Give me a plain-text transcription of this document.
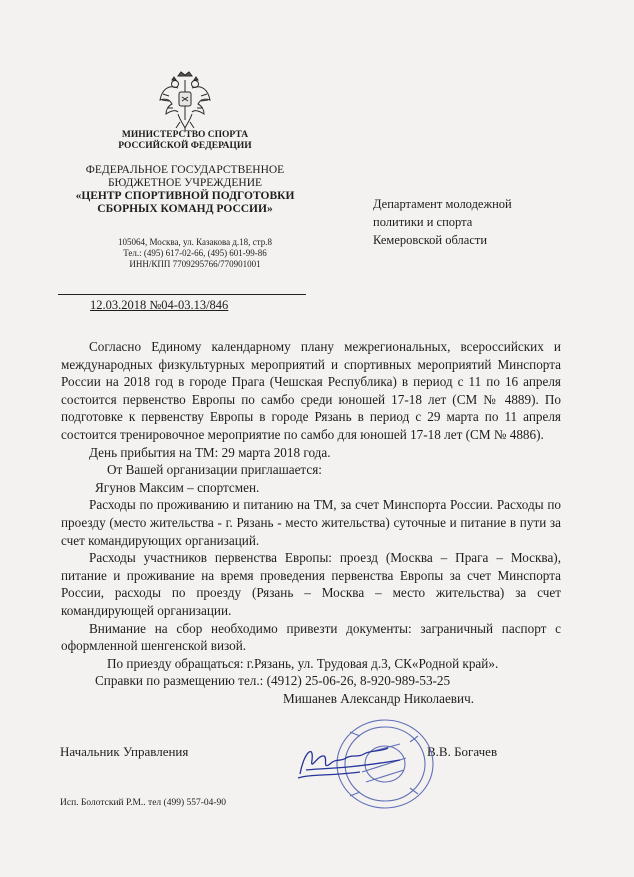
МИНИСТЕРСТВО СПОРТА
РОССИЙСКОЙ ФЕДЕРАЦИИ
ФЕДЕРАЛЬНОЕ ГОСУДАРСТВЕННОЕ
БЮДЖЕТНОЕ УЧРЕЖДЕНИЕ
«ЦЕНТР СПОРТИВНОЙ ПОДГОТОВКИ
СБОРНЫХ КОМАНД РОССИИ»
105064, Москва, ул. Казакова д.18, стр.8
Тел.: (495) 617-02-66, (495) 601-99-86
ИНН/КПП 7709295766/770901001
Департамент молодежной
политики и спорта
Кемеровской области
12.03.2018 №04-03.13/846

Согласно Единому календарному плану межрегиональных, всероссийских и международных физкультурных мероприятий и спортивных мероприятий Минспорта России на 2018 год в городе Прага (Чешская Республика) в период с 11 по 16 апреля состоится первенство Европы по самбо среди юношей 17-18 лет (СМ № 4889). По подготовке к первенству Европы в городе Рязань в период с 29 марта по 11 апреля состоится тренировочное мероприятие по самбо для юношей 17-18 лет (СМ № 4886).

День прибытия на ТМ: 29 марта 2018 года.

От Вашей организации приглашается:

Ягунов Максим – спортсмен.

Расходы по проживанию и питанию на ТМ, за счет Минспорта России. Расходы по проезду (место жительства - г. Рязань - место жительства) суточные и питание в пути за счет командирующих организаций.

Расходы участников первенства Европы: проезд (Москва – Прага – Москва), питание и проживание на время проведения первенства Европы за счет Минспорта России, расходы по проезду (Рязань – Москва – место жительства) за счет командирующей организации.

Внимание на сбор необходимо привезти документы: заграничный паспорт с оформленной шенгенской визой.

По приезду обращаться: г.Рязань, ул. Трудовая д.3, СК«Родной край».

Справки по размещению тел.: (4912) 25-06-26, 8-920-989-53-25

Мишанев Александр Николаевич.

Начальник Управления	В.В. Богачев
Исп. Болотский Р.М.. тел (499) 557-04-90
